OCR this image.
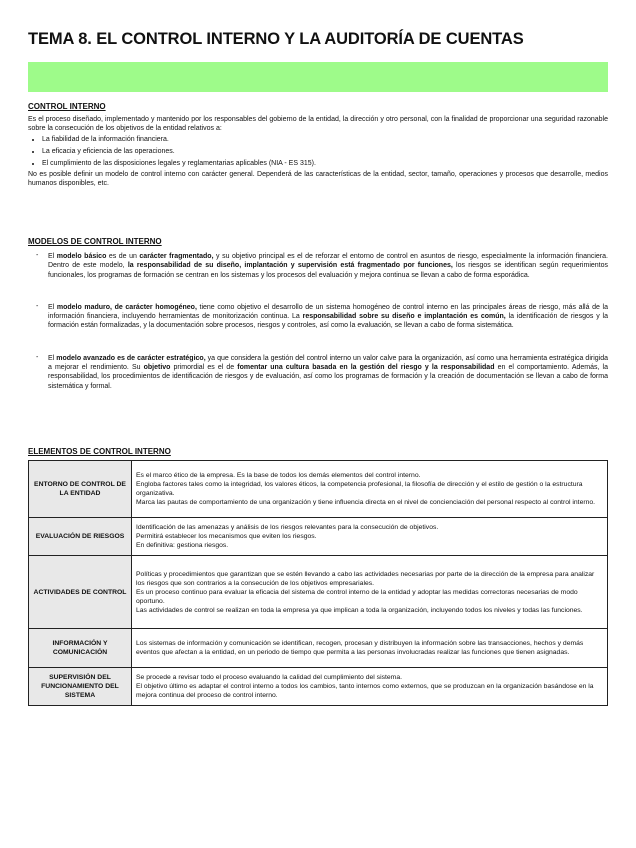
TEMA 8. EL CONTROL INTERNO Y LA AUDITORÍA DE CUENTAS
CONTROL INTERNO

Es el proceso diseñado, implementado y mantenido por los responsables del gobierno de la entidad, la dirección y otro personal, con la finalidad de proporcionar una seguridad razonable sobre la consecución de los objetivos de la entidad relativos a:

• La fiabilidad de la información financiera.
• La eficacia y eficiencia de las operaciones.
• El cumplimiento de las disposiciones legales y reglamentarias aplicables (NIA - ES 315).

No es posible definir un modelo de control interno con carácter general. Dependerá de las características de la entidad, sector, tamaño, operaciones y procesos que desarrolle, medios humanos disponibles, etc.

MODELOS DE CONTROL INTERNO

- El modelo básico es de un carácter fragmentado, y su objetivo principal es el de reforzar el entorno de control en asuntos de riesgo, especialmente la información financiera. Dentro de este modelo, la responsabilidad de su diseño, implantación y supervisión está fragmentado por funciones, los riesgos se identifican según requerimientos funcionales, los programas de formación se centran en los sistemas y los procesos del evaluación y mejora continua se llevan a cabo de forma esporádica.

- El modelo maduro, de carácter homogéneo, tiene como objetivo el desarrollo de un sistema homogéneo de control interno en las principales áreas de riesgo, más allá de la información financiera, incluyendo herramientas de monitorización continua. La responsabilidad sobre su diseño e implantación es común, la identificación de riesgos y la formación están formalizadas, y la documentación sobre procesos, riesgos y controles, así como la evaluación, se llevan a cabo de forma sistemática.

- El modelo avanzado es de carácter estratégico, ya que considera la gestión del control interno un valor calve para la organización, así como una herramienta estratégica dirigida a mejorar el rendimiento. Su objetivo primordial es el de fomentar una cultura basada en la gestión del riesgo y la responsabilidad en el comportamiento. Además, la responsabilidad, los procedimientos de identificación de riesgos y de evaluación, así como los programas de formación y la creación de documentación se llevan a cabo de forma sistemática y formal.

ELEMENTOS DE CONTROL INTERNO
ENTORNO DE CONTROL DE LA ENTIDAD	Es el marco ético de la empresa. Es la base de todos los demás elementos del control interno.
Engloba factores tales como la integridad, los valores éticos, la competencia profesional, la filosofía de dirección y el estilo de gestión o la estructura organizativa.
Marca las pautas de comportamiento de una organización y tiene influencia directa en el nivel de concienciación del personal respecto al control interno.

EVALUACIÓN DE RIESGOS	Identificación de las amenazas y análisis de los riesgos relevantes para la consecución de objetivos.
Permitirá establecer los mecanismos que eviten los riesgos.
En definitiva: gestiona riesgos.

ACTIVIDADES DE CONTROL	Políticas y procedimientos que garantizan que se estén llevando a cabo las actividades necesarias por parte de la dirección de la empresa para analizar los riesgos que son contrarios a la consecución de los objetivos empresariales.
Es un proceso continuo para evaluar la eficacia del sistema de control interno de la entidad y adoptar las medidas correctoras necesarias de modo oportuno.
Las actividades de control se realizan en toda la empresa ya que implican a toda la organización, incluyendo todos los niveles y todas las funciones.

INFORMACIÓN Y COMUNICACIÓN	Los sistemas de información y comunicación se identifican, recogen, procesan y distribuyen la información sobre las transacciones, hechos y demás eventos que afectan a la entidad, en un periodo de tiempo que permita a las personas involucradas realizar las funciones que tienen asignadas.

SUPERVISIÓN DEL FUNCIONAMIENTO DEL SISTEMA	Se procede a revisar todo el proceso evaluando la calidad del cumplimiento del sistema.
El objetivo último es adaptar el control interno a todos los cambios, tanto internos como externos, que se produzcan en la organización basándose en la mejora continua del proceso de control interno.
